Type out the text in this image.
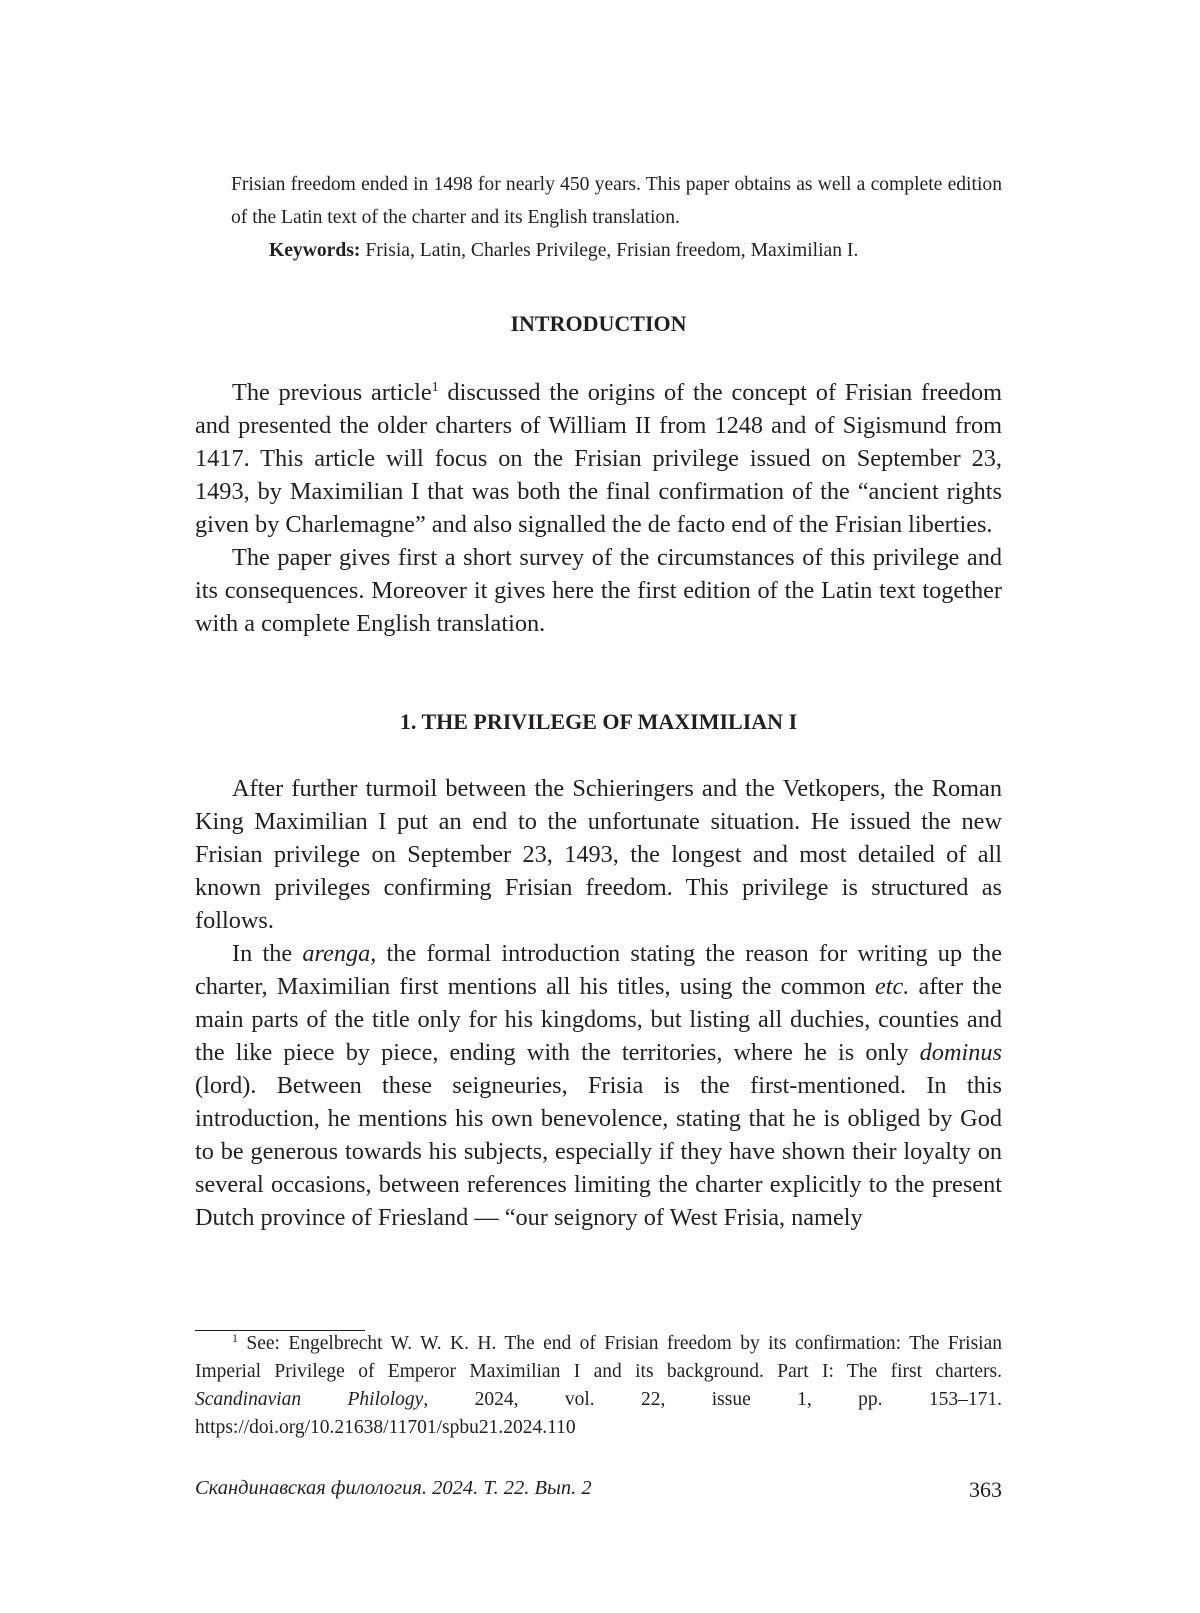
Frisian freedom ended in 1498 for nearly 450 years. This paper obtains as well a complete edition of the Latin text of the charter and its English translation.

Keywords: Frisia, Latin, Charles Privilege, Frisian freedom, Maximilian I.

INTRODUCTION

The previous article$^1$ discussed the origins of the concept of Frisian freedom and presented the older charters of William II from 1248 and of Sigismund from 1417. This article will focus on the Frisian privilege issued on September 23, 1493, by Maximilian I that was both the final confirmation of the “ancient rights given by Charlemagne” and also signalled the de facto end of the Frisian liberties.

The paper gives first a short survey of the circumstances of this privilege and its consequences. Moreover it gives here the first edition of the Latin text together with a complete English translation.

1. THE PRIVILEGE OF MAXIMILIAN I

After further turmoil between the Schieringers and the Vetkopers, the Roman King Maximilian I put an end to the unfortunate situation. He issued the new Frisian privilege on September 23, 1493, the longest and most detailed of all known privileges confirming Frisian freedom. This privilege is structured as follows.

In the arenga, the formal introduction stating the reason for writing up the charter, Maximilian first mentions all his titles, using the common etc. after the main parts of the title only for his kingdoms, but listing all duchies, counties and the like piece by piece, ending with the territories, where he is only dominus (lord). Between these seigneuries, Frisia is the first-mentioned. In this introduction, he mentions his own benevolence, stating that he is obliged by God to be generous towards his subjects, especially if they have shown their loyalty on several occasions, between references limiting the charter explicitly to the present Dutch province of Friesland — “our seignory of West Frisia, namely

$^1$ See: Engelbrecht W. W. K. H. The end of Frisian freedom by its confirmation: The Frisian Imperial Privilege of Emperor Maximilian I and its background. Part I: The first charters. Scandinavian Philology, 2024, vol. 22, issue 1, pp. 153–171. https://doi.org/10.21638/11701/spbu21.2024.110

Скандинавская филология. 2024. Т. 22. Вып. 2	363
